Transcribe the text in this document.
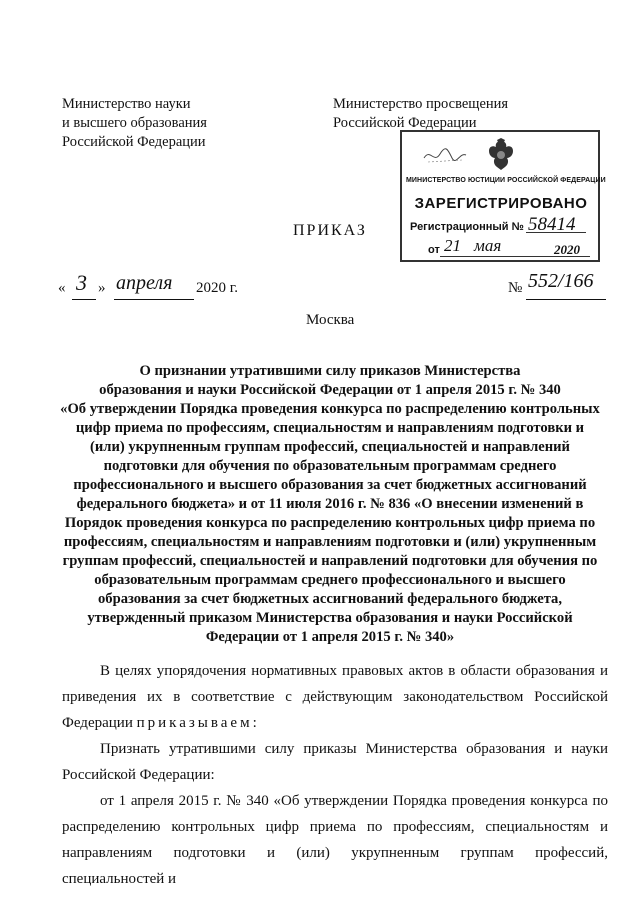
Министерство науки
и высшего образования
Российской Федерации
Министерство просвещения
Российской Федерации
МИНИСТЕРСТВО ЮСТИЦИИ РОССИЙСКОЙ ФЕДЕРАЦИИ
ЗАРЕГИСТРИРОВАНО
Регистрационный № 58414
от 21 мая	2020
ПРИКАЗ
« 3 » апреля 2020 г.	№ 552/166
Москва
О признании утратившими силу приказов Министерства
образования и науки Российской Федерации от 1 апреля 2015 г. № 340
«Об утверждении Порядка проведения конкурса по распределению контрольных
цифр приема по профессиям, специальностям и направлениям подготовки и
(или) укрупненным группам профессий, специальностей и направлений
подготовки для обучения по образовательным программам среднего
профессионального и высшего образования за счет бюджетных ассигнований
федерального бюджета» и от 11 июля 2016 г. № 836 «О внесении изменений в
Порядок проведения конкурса по распределению контрольных цифр приема по
профессиям, специальностям и направлениям подготовки и (или) укрупненным
группам профессий, специальностей и направлений подготовки для обучения по
образовательным программам среднего профессионального и высшего
образования за счет бюджетных ассигнований федерального бюджета,
утвержденный приказом Министерства образования и науки Российской
Федерации от 1 апреля 2015 г. № 340»
В целях упорядочения нормативных правовых актов в области образования и приведения их в соответствие с действующим законодательством Российской Федерации приказываем:
Признать утратившими силу приказы Министерства образования и науки Российской Федерации:
от 1 апреля 2015 г. № 340 «Об утверждении Порядка проведения конкурса по распределению контрольных цифр приема по профессиям, специальностям и направлениям подготовки и (или) укрупненным группам профессий, специальностей и
